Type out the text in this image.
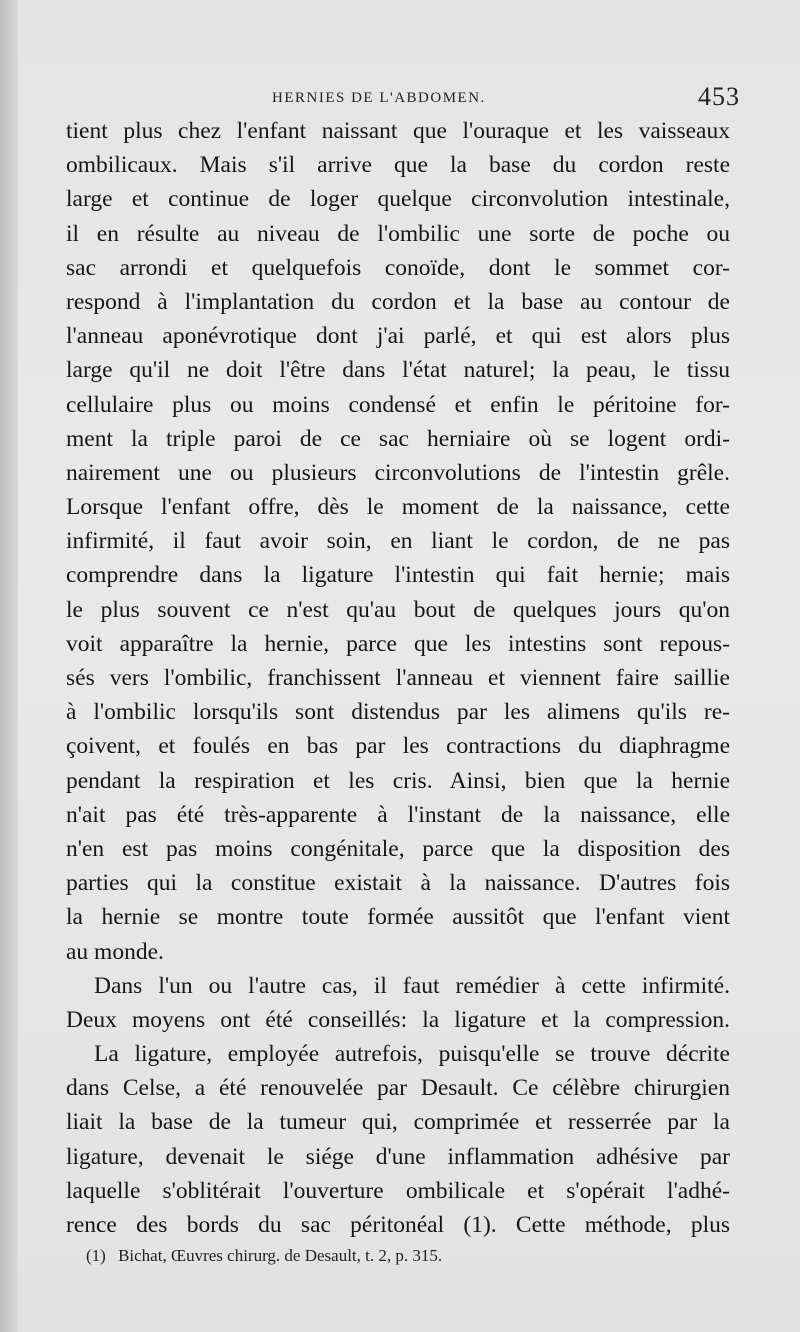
HERNIES DE L'ABDOMEN.	453
tient plus chez l'enfant naissant que l'ouraque et les vaisseaux
ombilicaux. Mais s'il arrive que la base du cordon reste
large et continue de loger quelque circonvolution intestinale,
il en résulte au niveau de l'ombilic une sorte de poche ou
sac arrondi et quelquefois conoïde, dont le sommet cor-
respond à l'implantation du cordon et la base au contour de
l'anneau aponévrotique dont j'ai parlé, et qui est alors plus
large qu'il ne doit l'être dans l'état naturel; la peau, le tissu
cellulaire plus ou moins condensé et enfin le péritoine for-
ment la triple paroi de ce sac herniaire où se logent ordi-
nairement une ou plusieurs circonvolutions de l'intestin grêle.
Lorsque l'enfant offre, dès le moment de la naissance, cette
infirmité, il faut avoir soin, en liant le cordon, de ne pas
comprendre dans la ligature l'intestin qui fait hernie; mais
le plus souvent ce n'est qu'au bout de quelques jours qu'on
voit apparaître la hernie, parce que les intestins sont repous-
sés vers l'ombilic, franchissent l'anneau et viennent faire saillie
à l'ombilic lorsqu'ils sont distendus par les alimens qu'ils re-
çoivent, et foulés en bas par les contractions du diaphragme
pendant la respiration et les cris. Ainsi, bien que la hernie
n'ait pas été très-apparente à l'instant de la naissance, elle
n'en est pas moins congénitale, parce que la disposition des
parties qui la constitue existait à la naissance. D'autres fois
la hernie se montre toute formée aussitôt que l'enfant vient
au monde.
Dans l'un ou l'autre cas, il faut remédier à cette infirmité.
Deux moyens ont été conseillés: la ligature et la compression.
La ligature, employée autrefois, puisqu'elle se trouve décrite
dans Celse, a été renouvelée par Desault. Ce célèbre chirurgien
liait la base de la tumeur qui, comprimée et resserrée par la
ligature, devenait le siége d'une inflammation adhésive par
laquelle s'oblitérait l'ouverture ombilicale et s'opérait l'adhé-
rence des bords du sac péritonéal (1). Cette méthode, plus
(1) Bichat, Œuvres chirurg. de Desault, t. 2, p. 315.
